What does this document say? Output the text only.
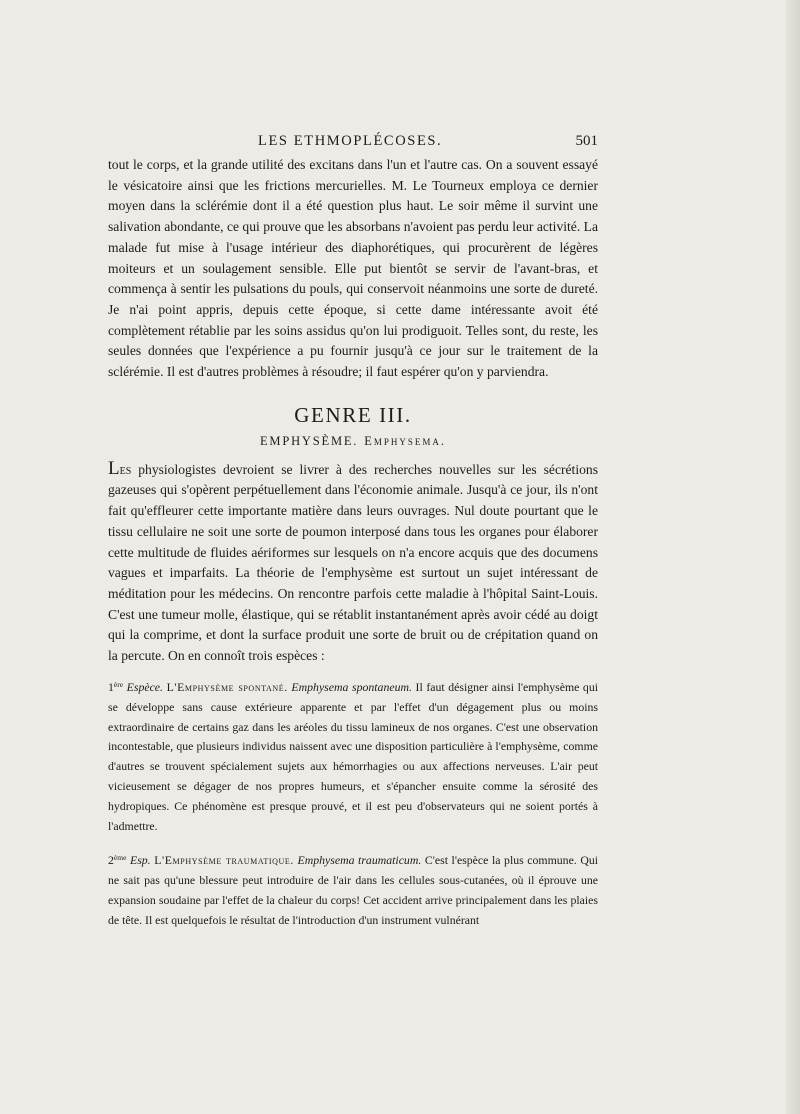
LES ETHMOPLÉCOSES.	501

tout le corps, et la grande utilité des excitans dans l'un et l'autre cas. On a souvent essayé le vésicatoire ainsi que les frictions mercurielles. M. Le Tourneux employa ce dernier moyen dans la sclérémie dont il a été question plus haut. Le soir même il survint une salivation abondante, ce qui prouve que les absorbans n'avoient pas perdu leur activité. La malade fut mise à l'usage intérieur des diaphorétiques, qui procurèrent de légères moiteurs et un soulagement sensible. Elle put bientôt se servir de l'avant-bras, et commença à sentir les pulsations du pouls, qui conservoit néanmoins une sorte de dureté. Je n'ai point appris, depuis cette époque, si cette dame intéressante avoit été complètement rétablie par les soins assidus qu'on lui prodiguoit. Telles sont, du reste, les seules données que l'expérience a pu fournir jusqu'à ce jour sur le traitement de la sclérémie. Il est d'autres problèmes à résoudre; il faut espérer qu'on y parviendra.

GENRE III.
EMPHYSÈME. Emphysema.

Les physiologistes devroient se livrer à des recherches nouvelles sur les sécrétions gazeuses qui s'opèrent perpétuellement dans l'économie animale. Jusqu'à ce jour, ils n'ont fait qu'effleurer cette importante matière dans leurs ouvrages. Nul doute pourtant que le tissu cellulaire ne soit une sorte de poumon interposé dans tous les organes pour élaborer cette multitude de fluides aériformes sur lesquels on n'a encore acquis que des documens vagues et imparfaits. La théorie de l'emphysème est surtout un sujet intéressant de méditation pour les médecins. On rencontre parfois cette maladie à l'hôpital Saint-Louis. C'est une tumeur molle, élastique, qui se rétablit instantanément après avoir cédé au doigt qui la comprime, et dont la surface produit une sorte de bruit ou de crépitation quand on la percute. On en connoît trois espèces :

1ère Espèce. L'Emphysème spontané. Emphysema spontaneum. Il faut désigner ainsi l'emphysème qui se développe sans cause extérieure apparente et par l'effet d'un dégagement plus ou moins extraordinaire de certains gaz dans les aréoles du tissu lamineux de nos organes. C'est une observation incontestable, que plusieurs individus naissent avec une disposition particulière à l'emphysème, comme d'autres se trouvent spécialement sujets aux hémorrhagies ou aux affections nerveuses. L'air peut vicieusement se dégager de nos propres humeurs, et s'épancher ensuite comme la sérosité des hydropiques. Ce phénomène est presque prouvé, et il est peu d'observateurs qui ne soient portés à l'admettre.

2ème Esp. L'Emphysème traumatique. Emphysema traumaticum. C'est l'espèce la plus commune. Qui ne sait pas qu'une blessure peut introduire de l'air dans les cellules sous-cutanées, où il éprouve une expansion soudaine par l'effet de la chaleur du corps! Cet accident arrive principalement dans les plaies de tête. Il est quelquefois le résultat de l'introduction d'un instrument vulnérant
